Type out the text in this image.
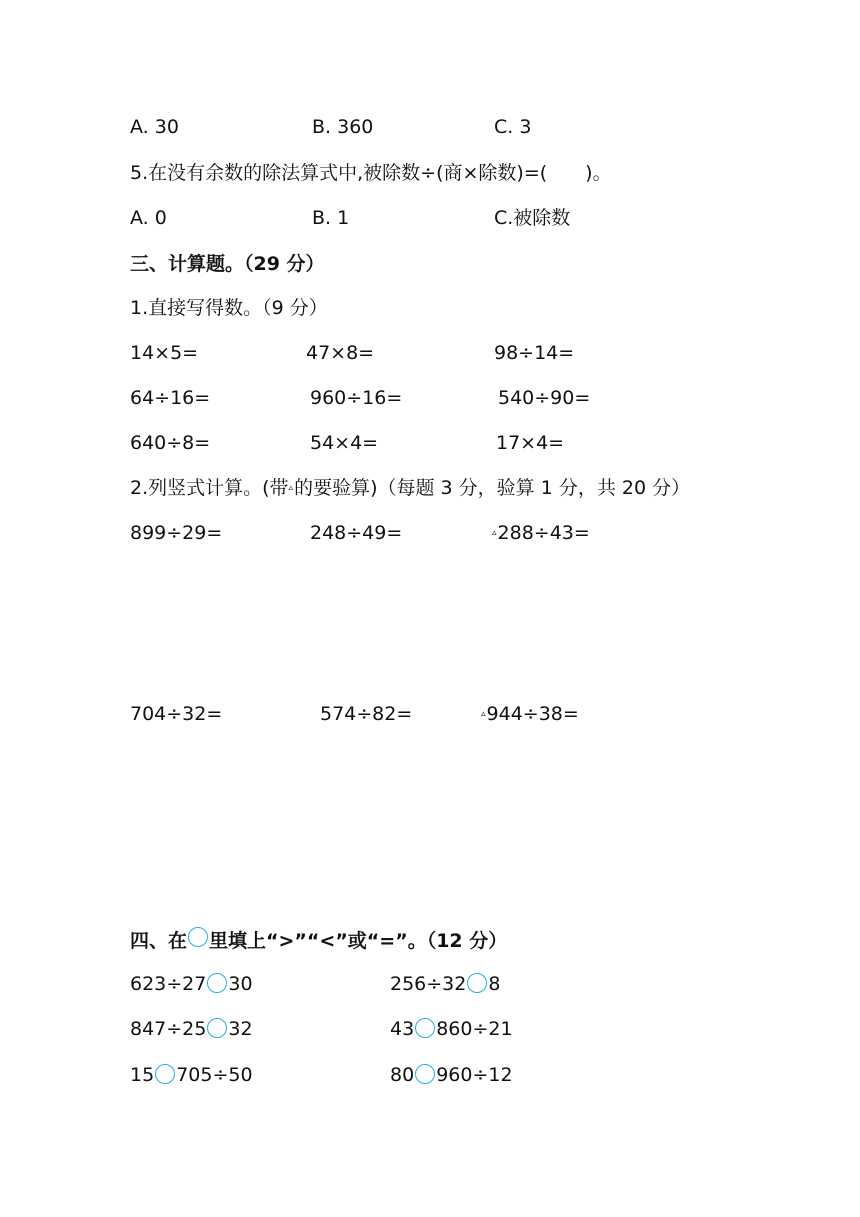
A. 30	B. 360	C. 3
5.在没有余数的除法算式中,被除数÷(商×除数)=(　　)。
A. 0	B. 1	C.被除数
三、计算题。（29 分）
1.直接写得数。（9 分）
14×5=	47×8=	98÷14=
64÷16=	960÷16=	540÷90=
640÷8=	54×4=	17×4=
2.列竖式计算。(带▵的要验算)（每题 3 分，验算 1 分，共 20 分）
899÷29=	248÷49=	▵288÷43=
704÷32=	574÷82=	▵944÷38=
四、在 里填上“>”“<”或“=”。（12 分）
623÷27 30	256÷32 8
847÷25 32	43 860÷21
15 705÷50	80 960÷12
